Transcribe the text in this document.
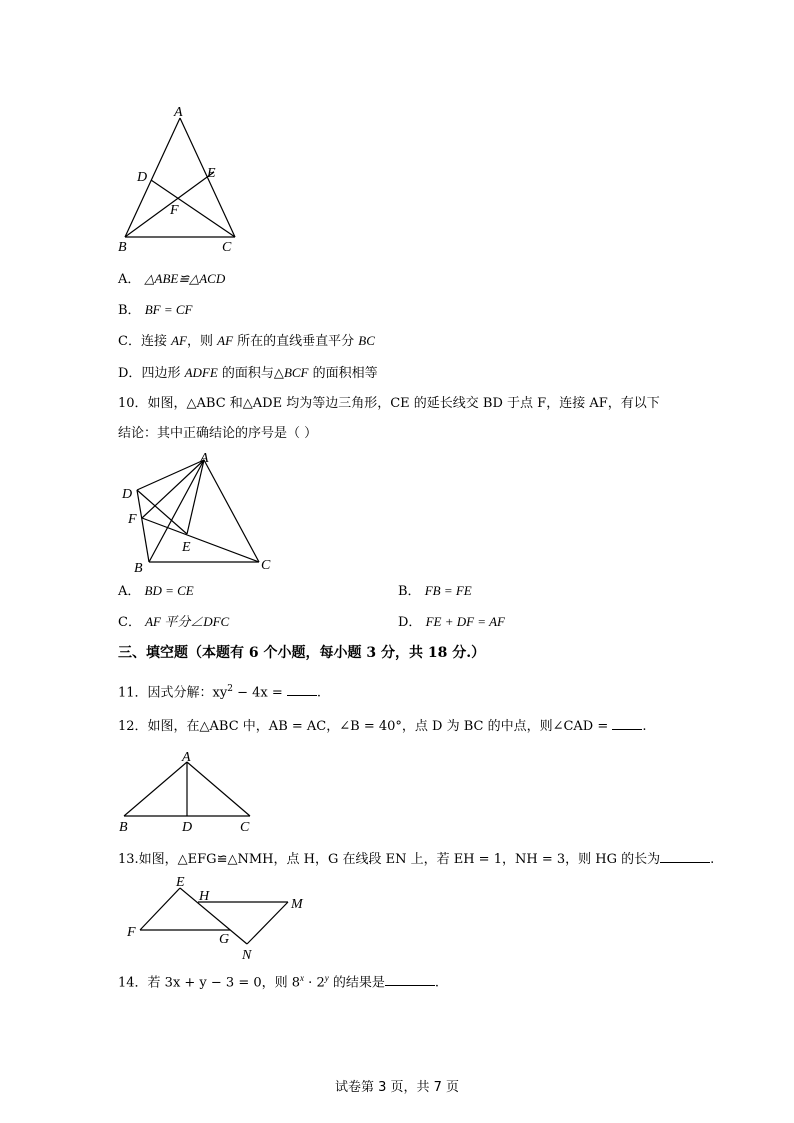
A
B	C
D	E
F
A． △ABE≌△ACD
B． BF = CF
C．连接 AF，则 AF 所在的直线垂直平分 BC
D．四边形 ADFE 的面积与△BCF 的面积相等
10．如图，△ABC 和△ADE 均为等边三角形，CE 的延长线交 BD 于点 F，连接 AF，有以下
结论：其中正确结论的序号是（ ）
A
D
F
E
B	C
A． BD = CE	B． FB = FE
C． AF 平分∠DFC	D． FE + DF = AF
三、填空题（本题有 6 个小题，每小题 3 分，共 18 分.）
11．因式分解：$xy^2 - 4x$ = .
12．如图，在△ABC 中，AB = AC，∠B = 40°，点 D 为 BC 的中点，则∠CAD = .
A
B	D	C
13.如图，△EFG≌△NMH，点 H，G 在线段 EN 上，若 EH = 1，NH = 3，则 HG 的长为	.
E
H
M
F	G
N
14．若 3x + y − 3 = 0，则 $8^x \cdot 2^y$ 的结果是	.
试卷第 3 页，共 7 页
